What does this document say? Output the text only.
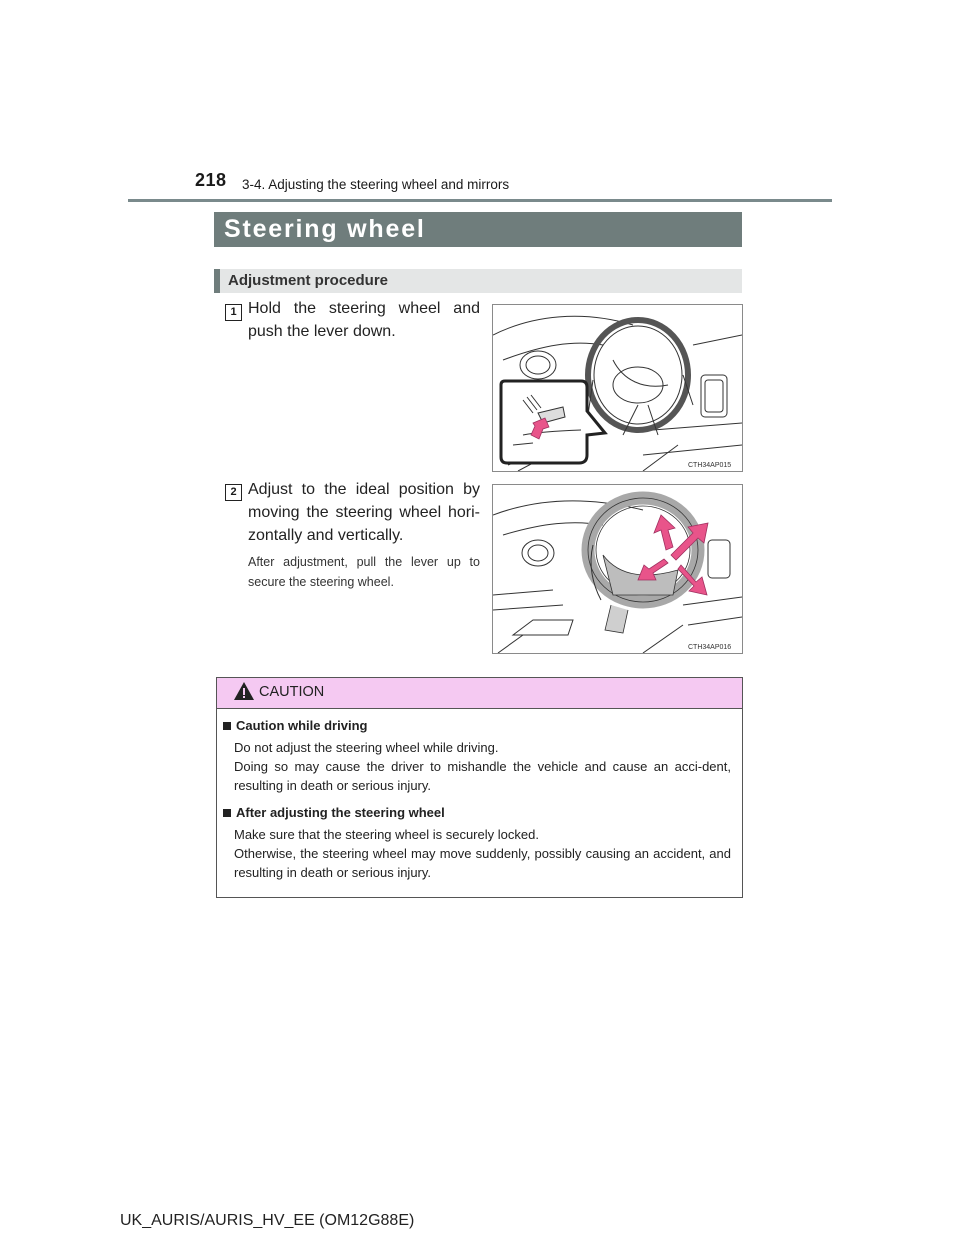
218 3-4. Adjusting the steering wheel and mirrors
Steering wheel
Adjustment procedure
1 Hold the steering wheel and push the lever down.
CTH34AP015
2 Adjust to the ideal position by moving the steering wheel hori-zontally and vertically.
After adjustment, pull the lever up to secure the steering wheel.
CTH34AP016
CAUTION
Caution while driving
Do not adjust the steering wheel while driving.
Doing so may cause the driver to mishandle the vehicle and cause an acci-dent, resulting in death or serious injury.
After adjusting the steering wheel
Make sure that the steering wheel is securely locked.
Otherwise, the steering wheel may move suddenly, possibly causing an accident, and resulting in death or serious injury.
UK_AURIS/AURIS_HV_EE (OM12G88E)
